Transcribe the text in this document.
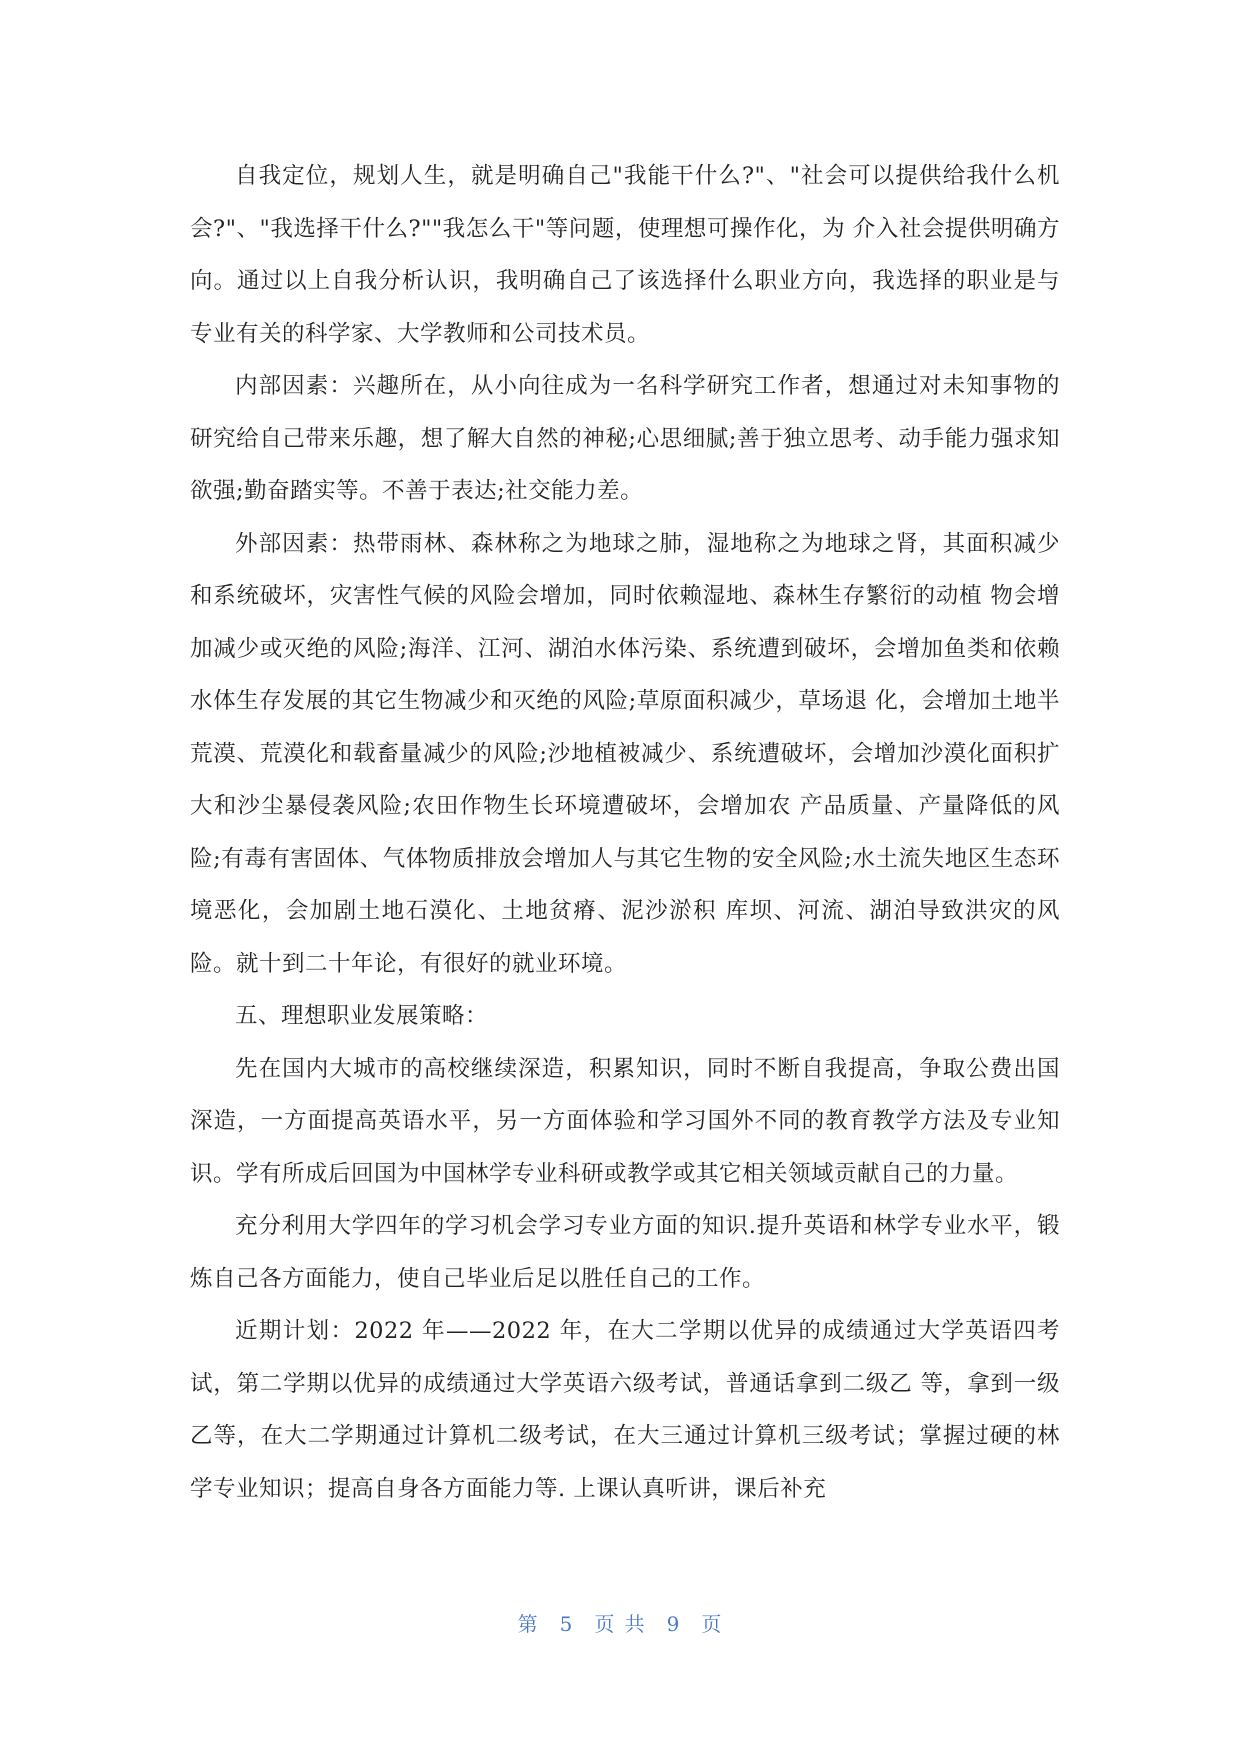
自我定位，规划人生，就是明确自己"我能干什么?"、"社会可以提供给我什么机会?"、"我选择干什么?""我怎么干"等问题，使理想可操作化，为 介入社会提供明确方向。通过以上自我分析认识，我明确自己了该选择什么职业方向，我选择的职业是与专业有关的科学家、大学教师和公司技术员。

内部因素：兴趣所在，从小向往成为一名科学研究工作者，想通过对未知事物的研究给自己带来乐趣，想了解大自然的神秘;心思细腻;善于独立思考、动手能力强求知欲强;勤奋踏实等。不善于表达;社交能力差。

外部因素：热带雨林、森林称之为地球之肺，湿地称之为地球之肾，其面积减少和系统破坏，灾害性气候的风险会增加，同时依赖湿地、森林生存繁衍的动植 物会增加减少或灭绝的风险;海洋、江河、湖泊水体污染、系统遭到破坏，会增加鱼类和依赖水体生存发展的其它生物减少和灭绝的风险;草原面积减少，草场退 化，会增加土地半荒漠、荒漠化和载畜量减少的风险;沙地植被减少、系统遭破坏，会增加沙漠化面积扩大和沙尘暴侵袭风险;农田作物生长环境遭破坏，会增加农 产品质量、产量降低的风险;有毒有害固体、气体物质排放会增加人与其它生物的安全风险;水土流失地区生态环境恶化，会加剧土地石漠化、土地贫瘠、泥沙淤积 库坝、河流、湖泊导致洪灾的风险。就十到二十年论，有很好的就业环境。

五、理想职业发展策略：

先在国内大城市的高校继续深造，积累知识，同时不断自我提高，争取公费出国深造，一方面提高英语水平，另一方面体验和学习国外不同的教育教学方法及专业知识。学有所成后回国为中国林学专业科研或教学或其它相关领域贡献自己的力量。

充分利用大学四年的学习机会学习专业方面的知识.提升英语和林学专业水平，锻炼自己各方面能力，使自己毕业后足以胜任自己的工作。

近期计划：2022 年——2022 年，在大二学期以优异的成绩通过大学英语四考试，第二学期以优异的成绩通过大学英语六级考试，普通话拿到二级乙 等，拿到一级乙等，在大二学期通过计算机二级考试，在大三通过计算机三级考试；掌握过硬的林学专业知识；提高自身各方面能力等. 上课认真听讲，课后补充

第 5 页 共 9 页
